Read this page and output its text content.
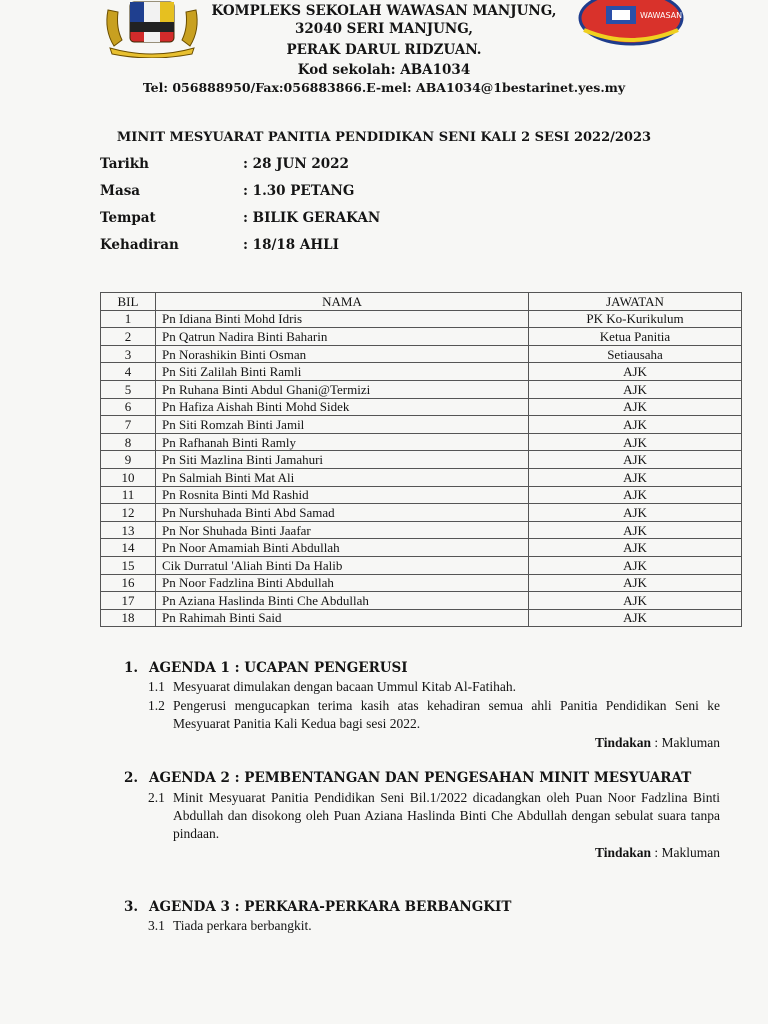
WAWASAN
KOMPLEKS SEKOLAH WAWASAN MANJUNG,
32040 SERI MANJUNG,
PERAK DARUL RIDZUAN.
Kod sekolah: ABA1034
Tel: 056888950/Fax:056883866.E-mel: ABA1034@1bestarinet.yes.my
MINIT MESYUARAT PANITIA PENDIDIKAN SENI KALI 2 SESI 2022/2023
Tarikh	: 28 JUN 2022
Masa	: 1.30 PETANG
Tempat	: BILIK GERAKAN
Kehadiran	: 18/18 AHLI
BIL	NAMA	JAWATAN
1	Pn Idiana Binti Mohd Idris	PK Ko-Kurikulum
2	Pn Qatrun Nadira Binti Baharin	Ketua Panitia
3	Pn Norashikin Binti Osman	Setiausaha
4	Pn Siti Zalilah Binti Ramli	AJK
5	Pn Ruhana Binti Abdul Ghani@Termizi	AJK
6	Pn Hafiza Aishah Binti Mohd Sidek	AJK
7	Pn Siti Romzah Binti Jamil	AJK
8	Pn Rafhanah Binti Ramly	AJK
9	Pn Siti Mazlina Binti Jamahuri	AJK
10	Pn Salmiah Binti Mat Ali	AJK
11	Pn Rosnita Binti Md Rashid	AJK
12	Pn Nurshuhada Binti Abd Samad	AJK
13	Pn Nor Shuhada Binti Jaafar	AJK
14	Pn Noor Amamiah Binti Abdullah	AJK
15	Cik Durratul 'Aliah Binti Da Halib	AJK
16	Pn Noor Fadzlina Binti Abdullah	AJK
17	Pn Aziana Haslinda Binti Che Abdullah	AJK
18	Pn Rahimah Binti Said	AJK
1. AGENDA 1 : UCAPAN PENGERUSI
1.1 Mesyuarat dimulakan dengan bacaan Ummul Kitab Al-Fatihah.
1.2 Pengerusi mengucapkan terima kasih atas kehadiran semua ahli Panitia Pendidikan Seni ke Mesyuarat Panitia Kali Kedua bagi sesi 2022.
Tindakan : Makluman
2. AGENDA 2 : PEMBENTANGAN DAN PENGESAHAN MINIT MESYUARAT
2.1 Minit Mesyuarat Panitia Pendidikan Seni Bil.1/2022 dicadangkan oleh Puan Noor Fadzlina Binti Abdullah dan disokong oleh Puan Aziana Haslinda Binti Che Abdullah dengan sebulat suara tanpa pindaan.
Tindakan : Makluman
3. AGENDA 3 : PERKARA-PERKARA BERBANGKIT
3.1 Tiada perkara berbangkit.
